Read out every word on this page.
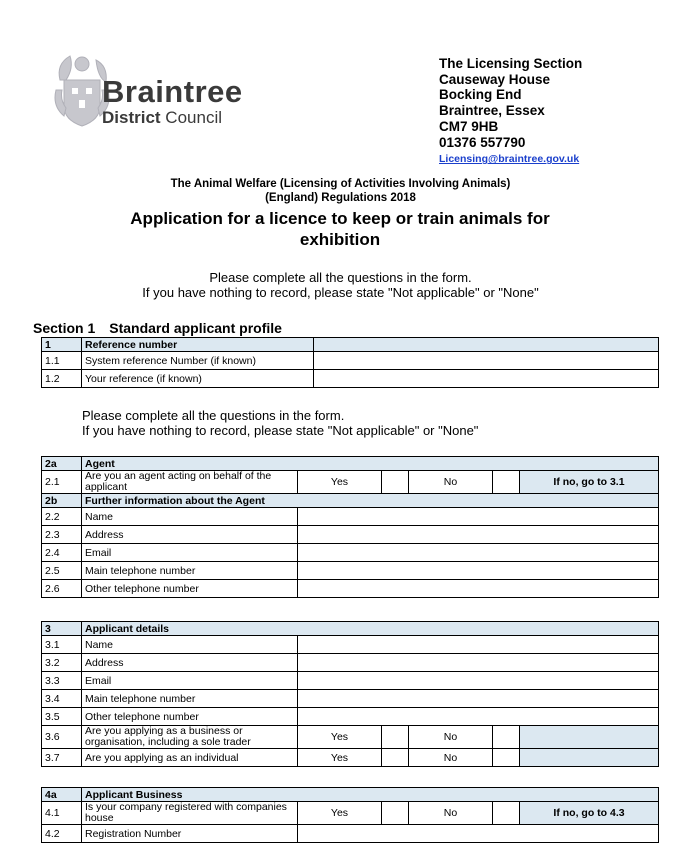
Braintree
District Council
The Licensing Section
Causeway House
Bocking End
Braintree, Essex
CM7 9HB
01376 557790
Licensing@braintree.gov.uk
The Animal Welfare (Licensing of Activities Involving Animals)
(England) Regulations 2018
Application for a licence to keep or train animals for exhibition
Please complete all the questions in the form.
If you have nothing to record, please state "Not applicable" or "None"
Section 1 Standard applicant profile
1	Reference number	
1.1	System reference Number (if known)	
1.2	Your reference (if known)	
Please complete all the questions in the form.
If you have nothing to record, please state "Not applicable" or "None"
2a	Agent					
2.1	Are you an agent acting on behalf of the applicant	Yes		No		If no, go to 3.1
2b	Further information about the Agent					
2.2	Name					
2.3	Address					
2.4	Email					
2.5	Main telephone number					
2.6	Other telephone number					
3	Applicant details					
3.1	Name					
3.2	Address					
3.3	Email					
3.4	Main telephone number					
3.5	Other telephone number					
3.6	Are you applying as a business or organisation, including a sole trader	Yes		No		
3.7	Are you applying as an individual	Yes		No		
4a	Applicant Business					
4.1	Is your company registered with companies house	Yes		No		If no, go to 4.3
4.2	Registration Number					
